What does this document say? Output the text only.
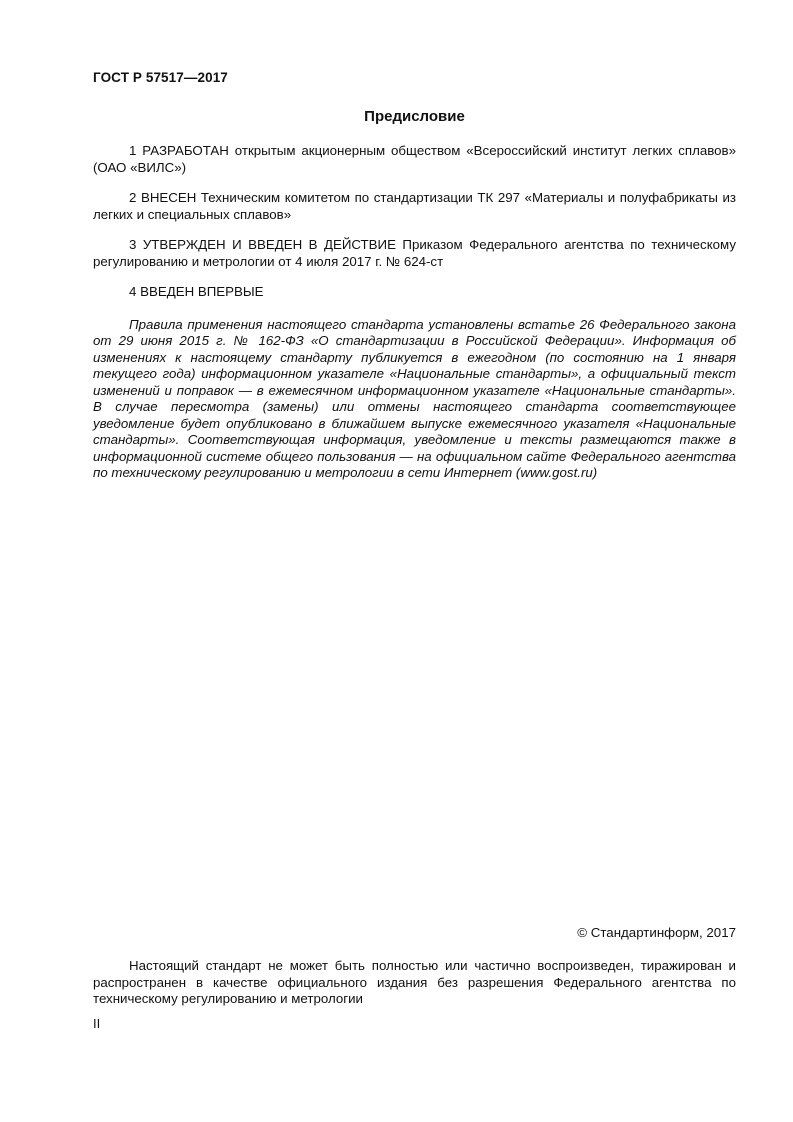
ГОСТ Р 57517—2017
Предисловие

1 РАЗРАБОТАН открытым акционерным обществом «Всероссийский институт легких сплавов» (ОАО «ВИЛС»)

2 ВНЕСЕН Техническим комитетом по стандартизации ТК 297 «Материалы и полуфабрикаты из легких и специальных сплавов»

3 УТВЕРЖДЕН И ВВЕДЕН В ДЕЙСТВИЕ Приказом Федерального агентства по техническому регулированию и метрологии от 4 июля 2017 г. № 624-ст

4 ВВЕДЕН ВПЕРВЫЕ

Правила применения настоящего стандарта установлены встатье 26 Федерального закона от 29 июня 2015 г. № 162-ФЗ «О стандартизации в Российской Федерации». Информация об изменениях к настоящему стандарту публикуется в ежегодном (по состоянию на 1 января текущего года) информационном указателе «Национальные стандарты», а официальный текст изменений и поправок — в ежемесячном информационном указателе «Национальные стандарты». В случае пересмотра (замены) или отмены настоящего стандарта соответствующее уведомление будет опубликовано в ближайшем выпуске ежемесячного указателя «Национальные стандарты». Соответствующая информация, уведомление и тексты размещаются также в информационной системе общего пользования — на официальном сайте Федерального агентства по техническому регулированию и метрологии в сети Интернет (www.gost.ru)

© Стандартинформ, 2017

Настоящий стандарт не может быть полностью или частично воспроизведен, тиражирован и распространен в качестве официального издания без разрешения Федерального агентства по техническому регулированию и метрологии

II
